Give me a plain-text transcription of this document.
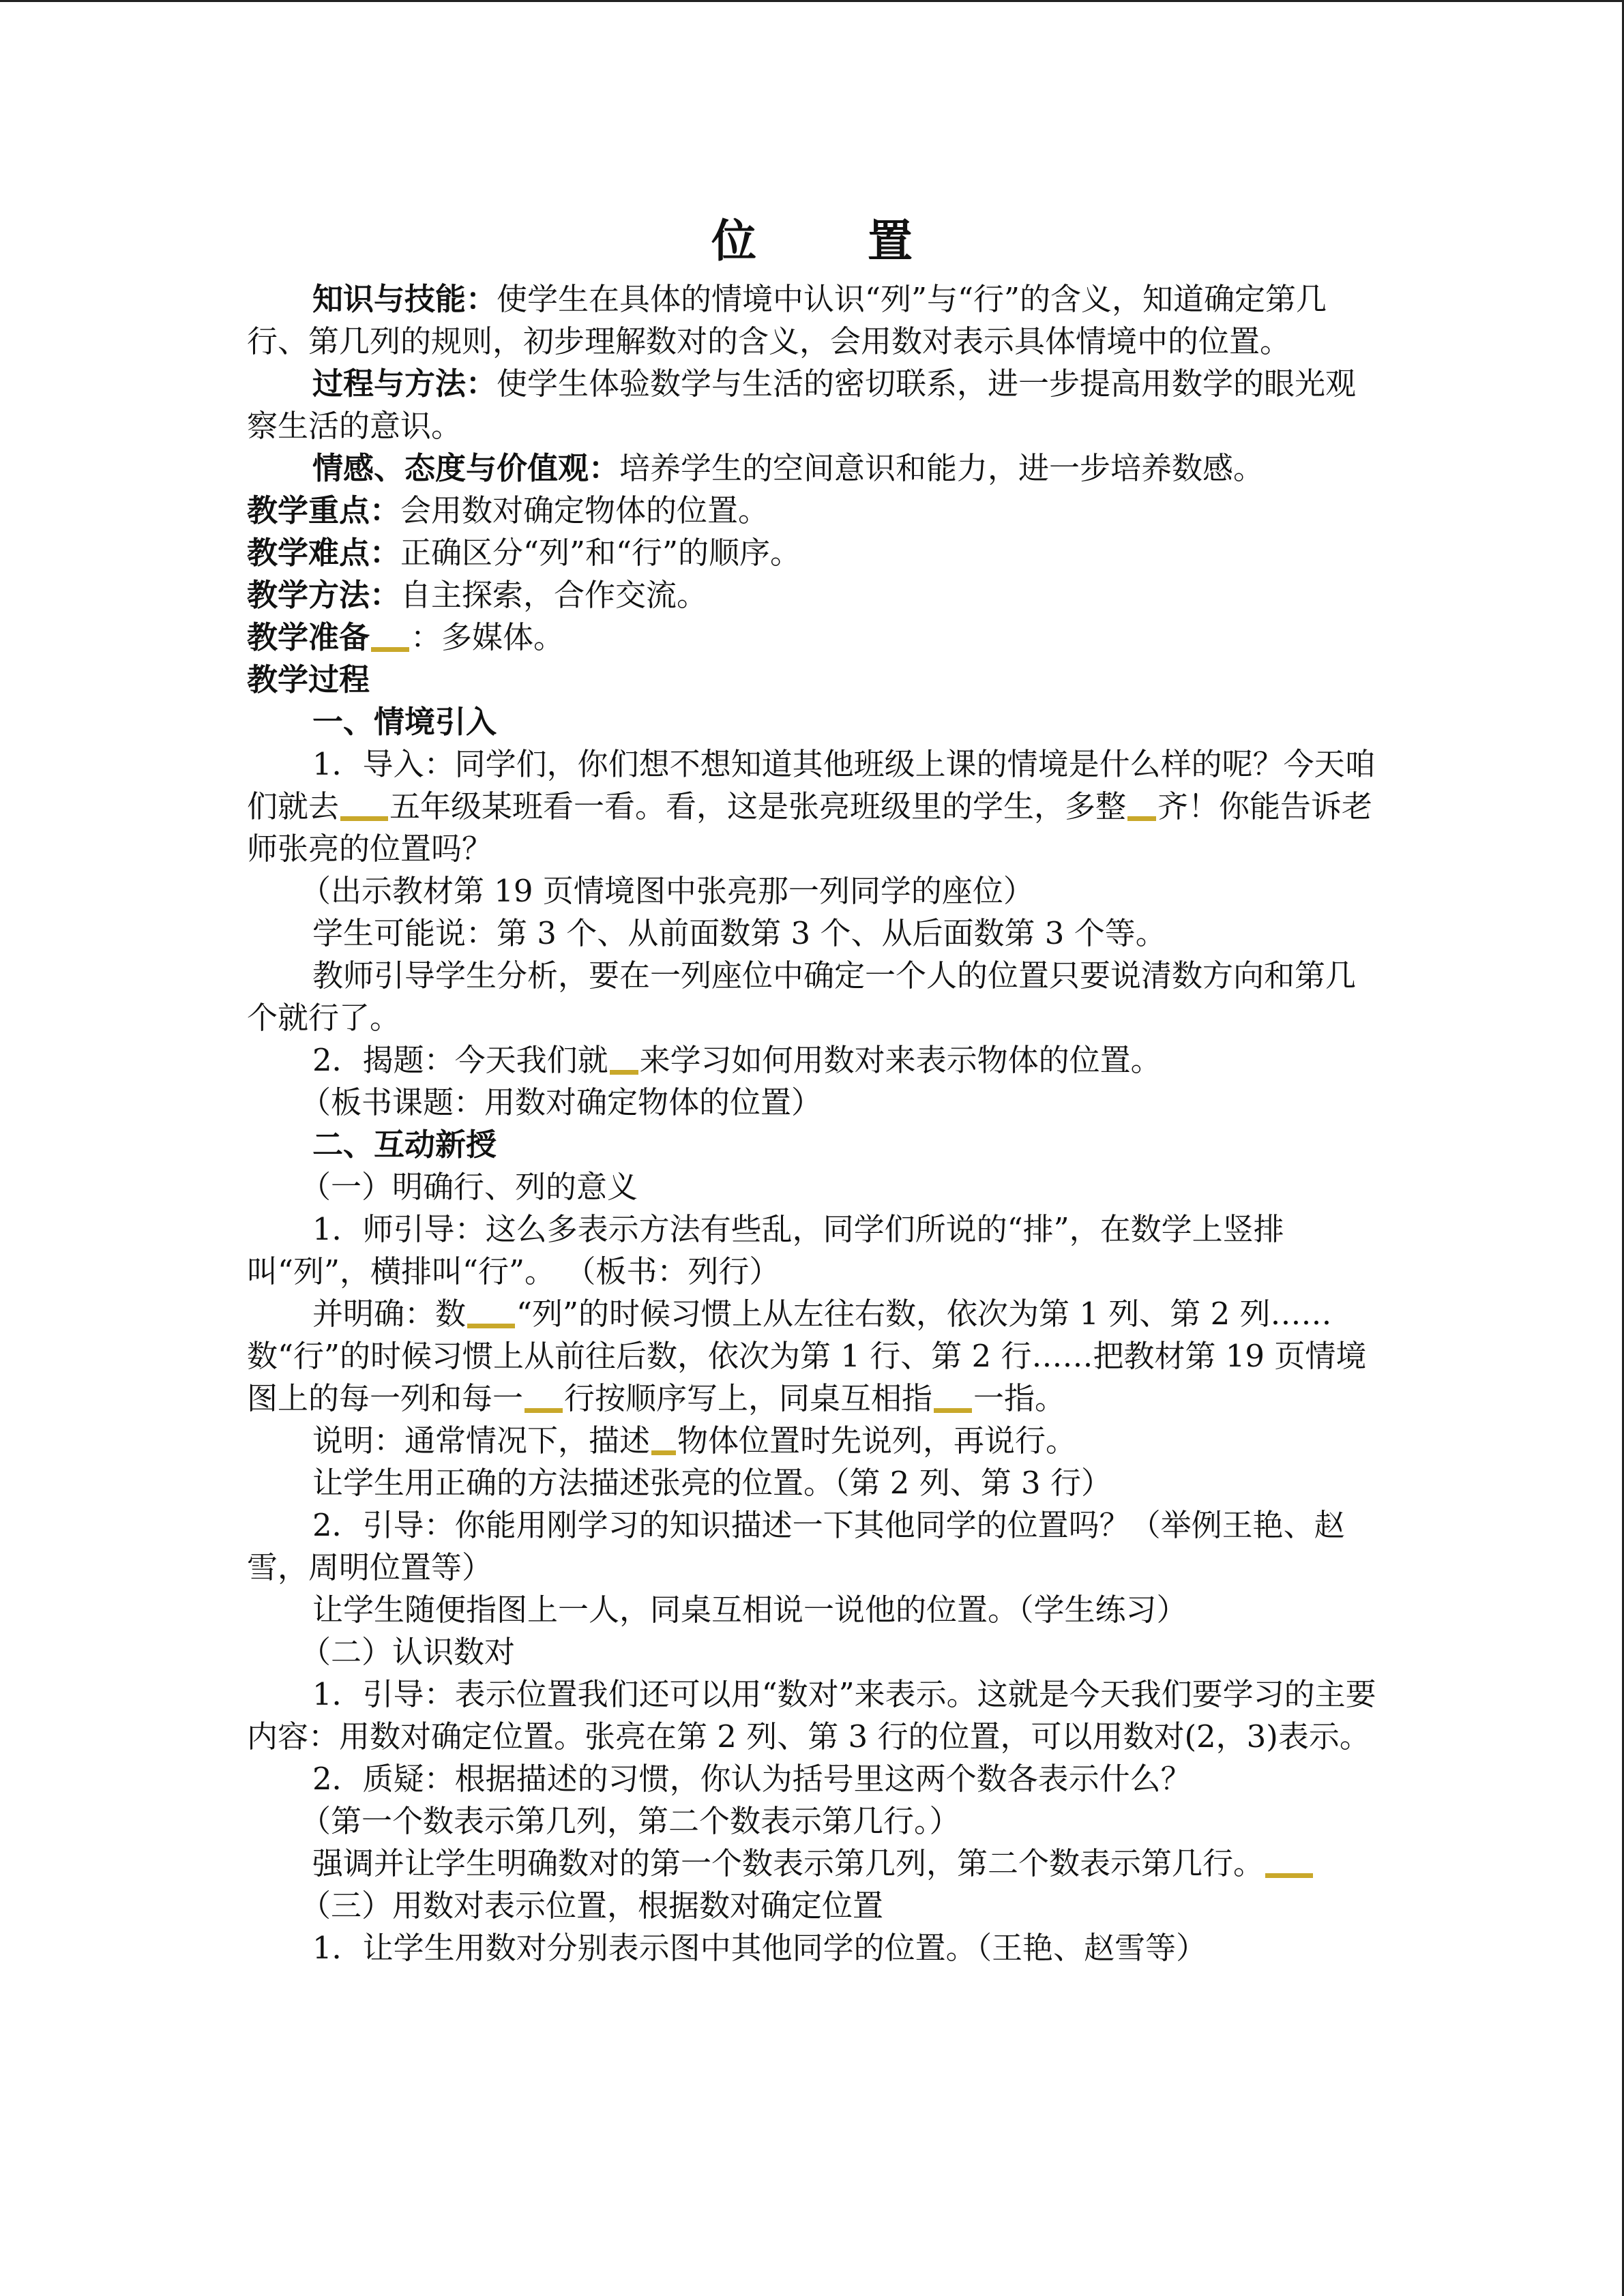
位 置

知识与技能：使学生在具体的情境中认识“列”与“行”的含义，知道确定第几行、第几列的规则，初步理解数对的含义，会用数对表示具体情境中的位置。

过程与方法：使学生体验数学与生活的密切联系，进一步提高用数学的眼光观察生活的意识。

情感、态度与价值观：培养学生的空间意识和能力，进一步培养数感。

教学重点：会用数对确定物体的位置。

教学难点：正确区分“列”和“行”的顺序。

教学方法：自主探索，合作交流。

教学准备 ：多媒体。

教学过程

一、情境引入

1．导入：同学们，你们想不想知道其他班级上课的情境是什么样的呢？今天咱们就去 五年级某班看一看。看，这是张亮班级里的学生，多整 齐！你能告诉老师张亮的位置吗？

（出示教材第 19 页情境图中张亮那一列同学的座位）

学生可能说：第 3 个、从前面数第 3 个、从后面数第 3 个等。

教师引导学生分析，要在一列座位中确定一个人的位置只要说清数方向和第几个就行了。

2．揭题：今天我们就 来学习如何用数对来表示物体的位置。

（板书课题：用数对确定物体的位置）

二、互动新授

（一）明确行、列的意义

1．师引导：这么多表示方法有些乱，同学们所说的“排”，在数学上竖排叫“列”，横排叫“行”。 （板书：列行）

并明确：数 “列”的时候习惯上从左往右数，依次为第 1 列、第 2 列……数“行”的时候习惯上从前往后数，依次为第 1 行、第 2 行……把教材第 19 页情境图上的每一列和每一 行按顺序写上，同桌互相指 一指。

说明：通常情况下，描述 物体位置时先说列，再说行。

让学生用正确的方法描述张亮的位置。（第 2 列、第 3 行）

2．引导：你能用刚学习的知识描述一下其他同学的位置吗？（举例王艳、赵雪，周明位置等）

让学生随便指图上一人，同桌互相说一说他的位置。（学生练习）

（二）认识数对

1．引导：表示位置我们还可以用“数对”来表示。这就是今天我们要学习的主要内容：用数对确定位置。张亮在第 2 列、第 3 行的位置，可以用数对(2，3)表示。

2．质疑：根据描述的习惯，你认为括号里这两个数各表示什么？

（第一个数表示第几列，第二个数表示第几行。）

强调并让学生明确数对的第一个数表示第几列，第二个数表示第几行。

（三）用数对表示位置，根据数对确定位置

1．让学生用数对分别表示图中其他同学的位置。（王艳、赵雪等）
